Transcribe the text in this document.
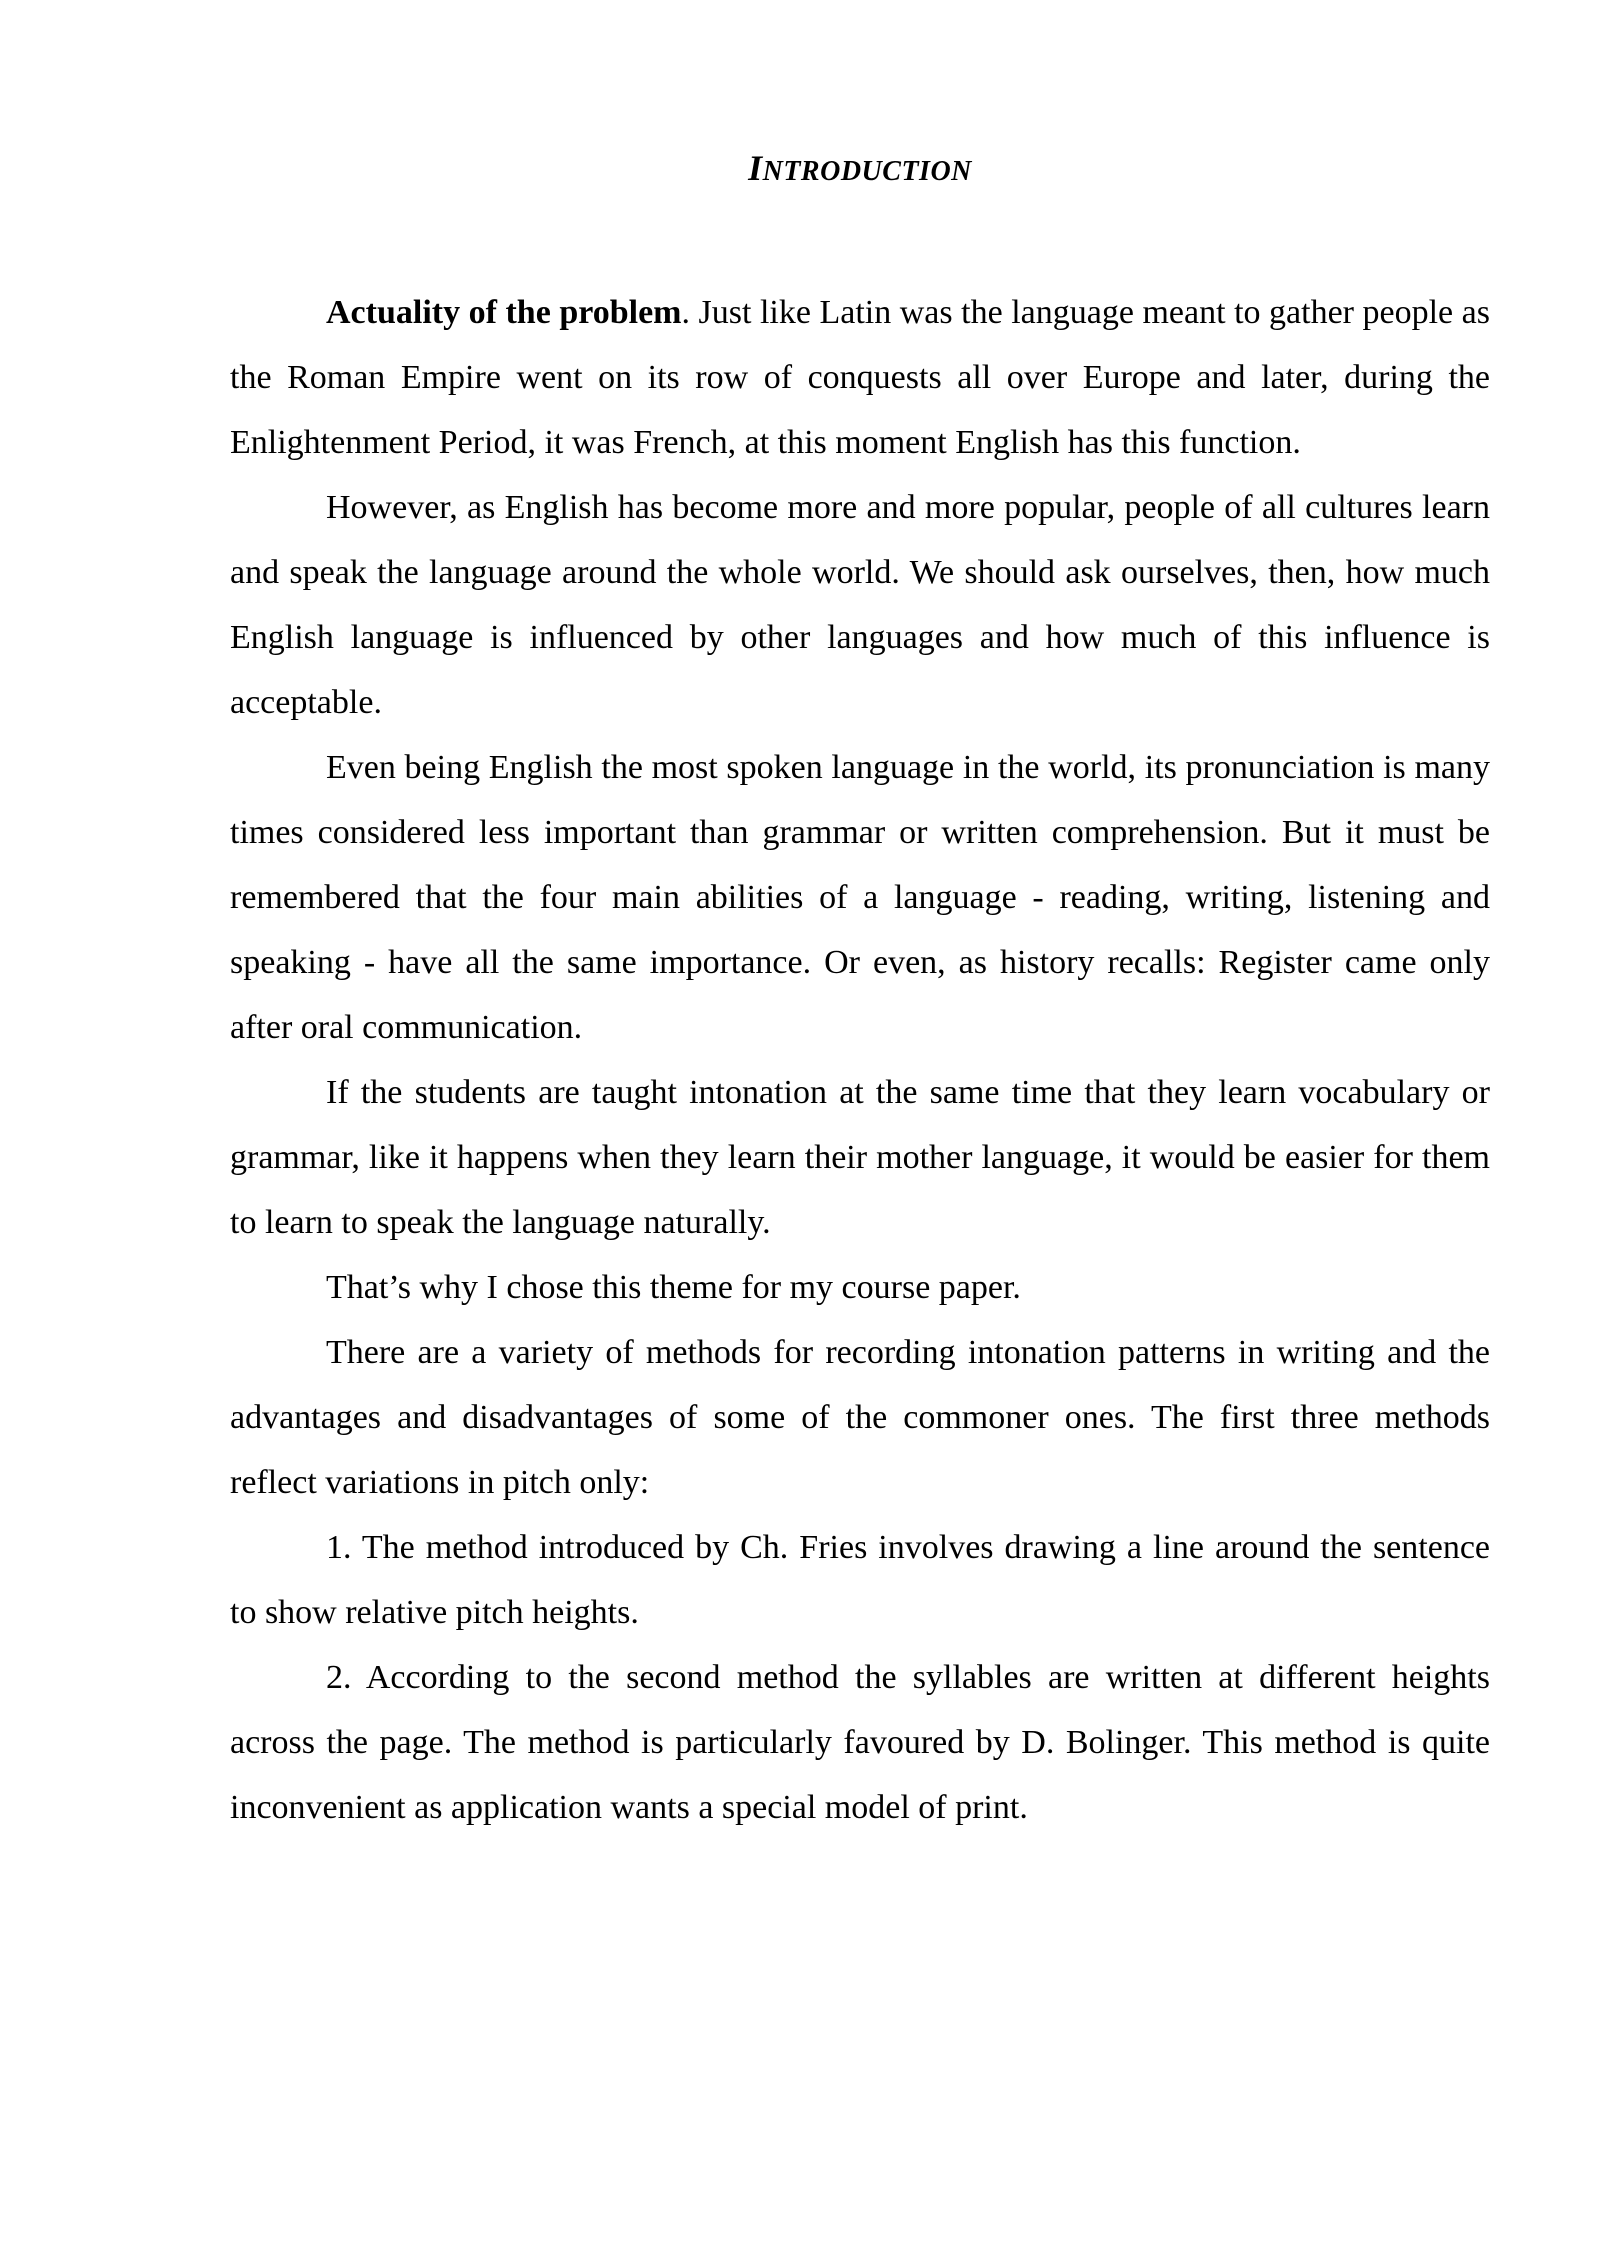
INTRODUCTION

Actuality of the problem. Just like Latin was the language meant to gather people as the Roman Empire went on its row of conquests all over Europe and later, during the Enlightenment Period, it was French, at this moment English has this function.

However, as English has become more and more popular, people of all cultures learn and speak the language around the whole world. We should ask ourselves, then, how much English language is influenced by other languages and how much of this influence is acceptable.

Even being English the most spoken language in the world, its pronunciation is many times considered less important than grammar or written comprehension. But it must be remembered that the four main abilities of a language - reading, writing, listening and speaking - have all the same importance. Or even, as history recalls: Register came only after oral communication.

If the students are taught intonation at the same time that they learn vocabulary or grammar, like it happens when they learn their mother language, it would be easier for them to learn to speak the language naturally.

That’s why I chose this theme for my course paper.

There are a variety of methods for recording intonation patterns in writing and the advantages and disadvantages of some of the commoner ones. The first three methods reflect variations in pitch only:

1. The method introduced by Ch. Fries involves drawing a line around the sentence to show relative pitch heights.

2. According to the second method the syllables are written at different heights across the page. The method is particularly favoured by D. Bolinger. This method is quite inconvenient as application wants a special model of print.
